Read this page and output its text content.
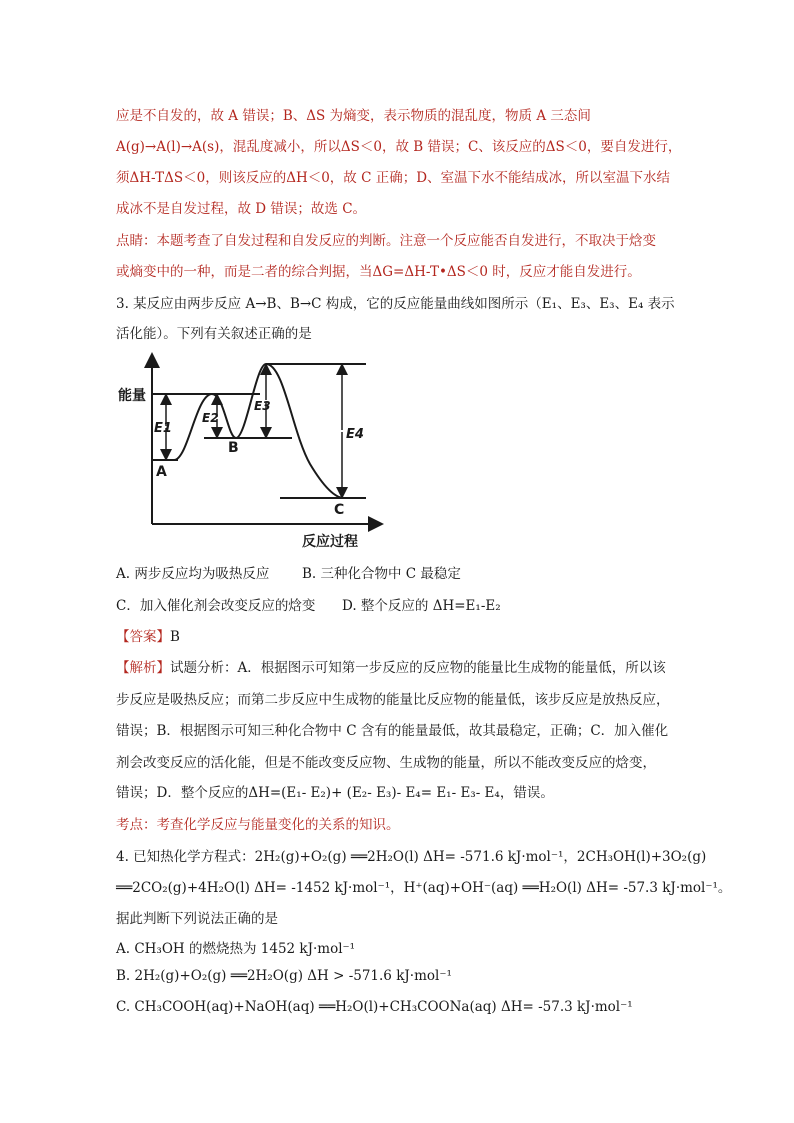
应是不自发的，故 A 错误；B、ΔS 为熵变，表示物质的混乱度，物质 A 三态间
A(g)→A(l)→A(s)，混乱度减小，所以ΔS＜0，故 B 错误；C、该反应的ΔS＜0，要自发进行，
须ΔH-TΔS＜0，则该反应的ΔH＜0，故 C 正确；D、室温下水不能结成冰，所以室温下水结
成冰不是自发过程，故 D 错误；故选 C。
点睛：本题考查了自发过程和自发反应的判断。注意一个反应能否自发进行，不取决于焓变
或熵变中的一种，而是二者的综合判据，当ΔG=ΔH-T•ΔS＜0 时，反应才能自发进行。
3. 某反应由两步反应 A→B、B→C 构成，它的反应能量曲线如图所示（E₁、E₃、E₃、E₄ 表示
活化能）。下列有关叙述正确的是
能量
反应过程
E1
E2
E3
E4
A
B
C
A. 两步反应均为吸热反应 B. 三种化合物中 C 最稳定
C．加入催化剂会改变反应的焓变 D. 整个反应的 ΔH=E₁-E₂
【答案】B
【解析】试题分析：A．根据图示可知第一步反应的反应物的能量比生成物的能量低，所以该
步反应是吸热反应；而第二步反应中生成物的能量比反应物的能量低，该步反应是放热反应，
错误；B．根据图示可知三种化合物中 C 含有的能量最低，故其最稳定，正确；C．加入催化
剂会改变反应的活化能，但是不能改变反应物、生成物的能量，所以不能改变反应的焓变，
错误；D．整个反应的ΔH=(E₁- E₂)+ (E₂- E₃)- E₄= E₁- E₃- E₄，错误。
考点：考查化学反应与能量变化的关系的知识。
4. 已知热化学方程式：2H₂(g)+O₂(g) ══2H₂O(l) ΔH= -571.6 kJ·mol⁻¹，2CH₃OH(l)+3O₂(g)
══2CO₂(g)+4H₂O(l) ΔH= -1452 kJ·mol⁻¹，H⁺(aq)+OH⁻(aq) ══H₂O(l) ΔH= -57.3 kJ·mol⁻¹。
据此判断下列说法正确的是
A. CH₃OH 的燃烧热为 1452 kJ·mol⁻¹
B. 2H₂(g)+O₂(g) ══2H₂O(g) ΔH > -571.6 kJ·mol⁻¹
C. CH₃COOH(aq)+NaOH(aq) ══H₂O(l)+CH₃COONa(aq) ΔH= -57.3 kJ·mol⁻¹
